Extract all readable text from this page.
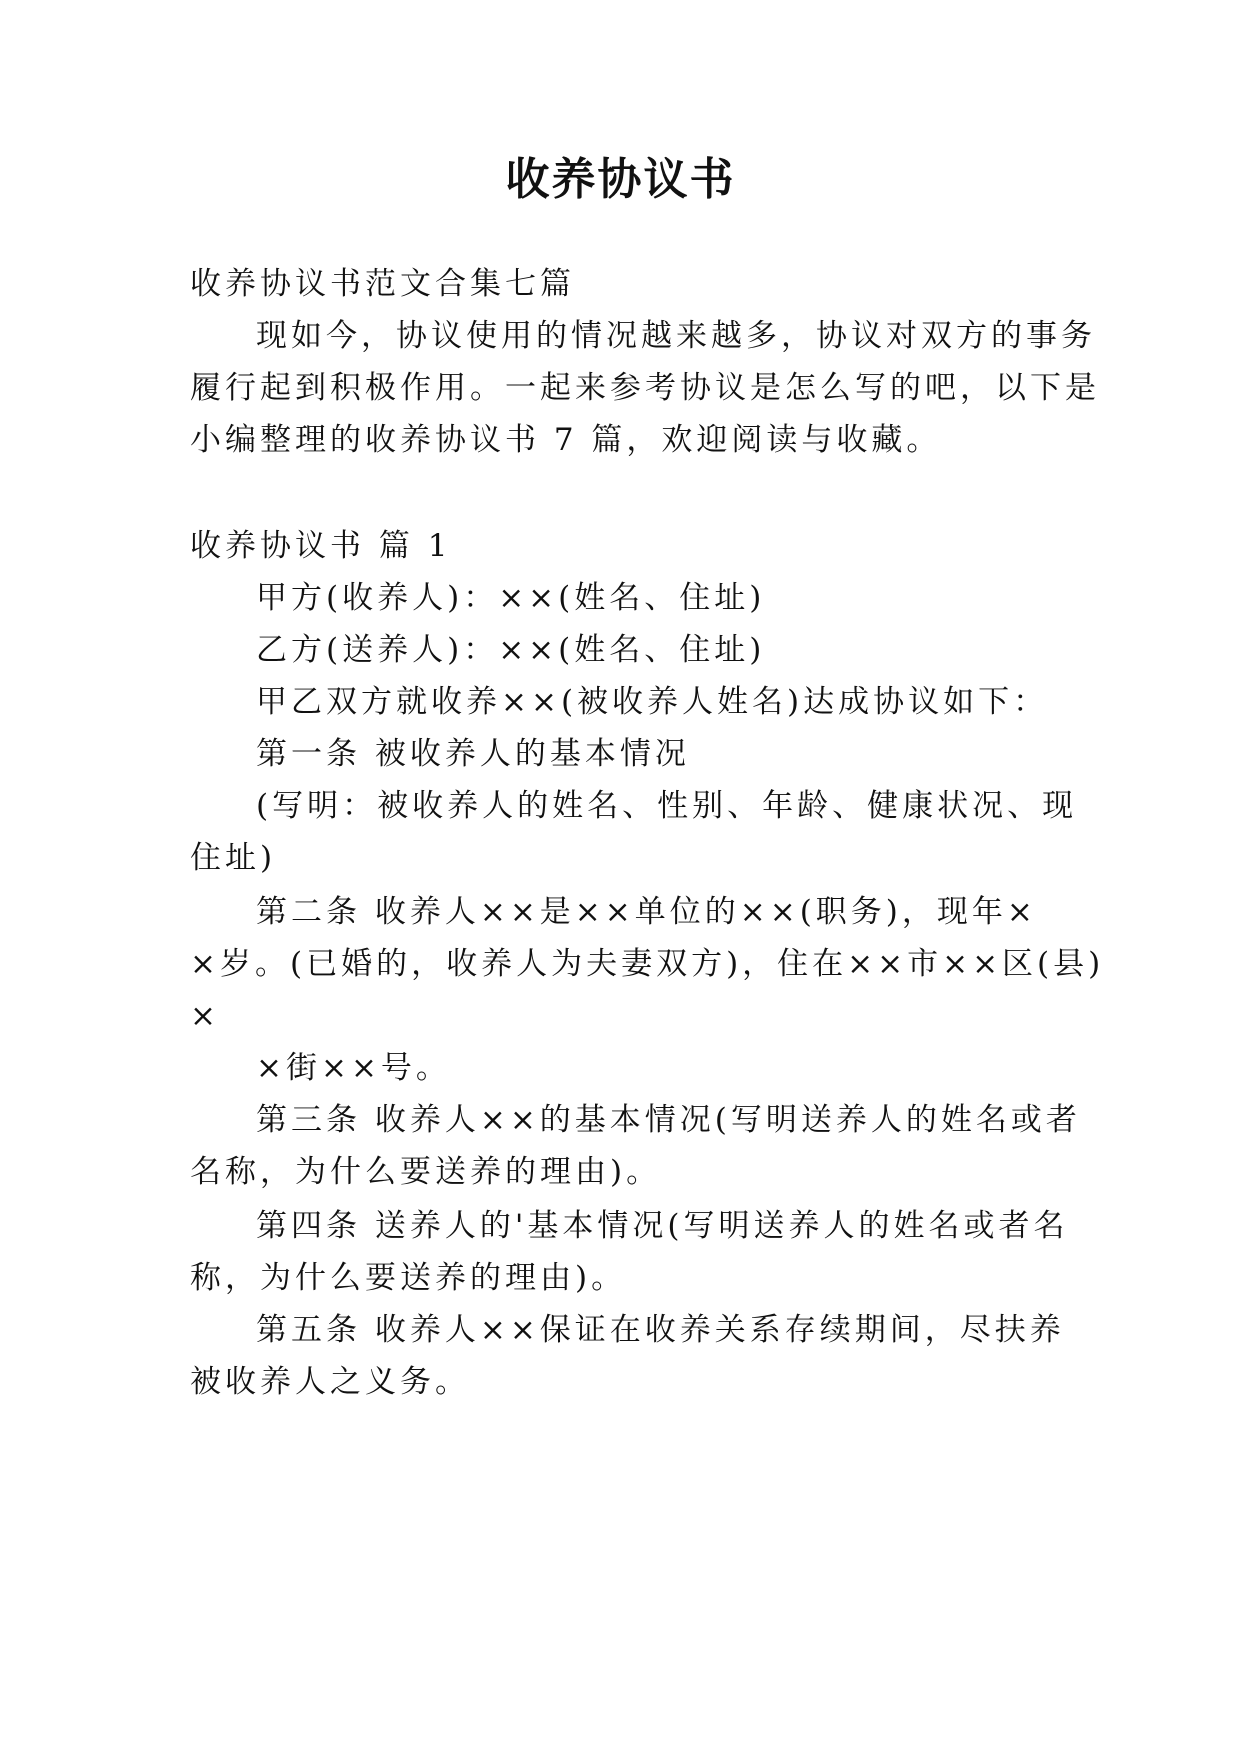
收养协议书

收养协议书范文合集七篇

现如今，协议使用的情况越来越多，协议对双方的事务

履行起到积极作用。一起来参考协议是怎么写的吧，以下是

小编整理的收养协议书 7 篇，欢迎阅读与收藏。

收养协议书 篇 1

甲方(收养人)：××(姓名、住址)

乙方(送养人)：××(姓名、住址)

甲乙双方就收养××(被收养人姓名)达成协议如下：

第一条 被收养人的基本情况

(写明：被收养人的姓名、性别、年龄、健康状况、现

住址)

第二条 收养人××是××单位的××(职务)，现年×

×岁。(已婚的，收养人为夫妻双方)，住在××市××区(县)

×

×街××号。

第三条 收养人××的基本情况(写明送养人的姓名或者

名称，为什么要送养的理由)。

第四条 送养人的'基本情况(写明送养人的姓名或者名

称，为什么要送养的理由)。

第五条 收养人××保证在收养关系存续期间，尽扶养

被收养人之义务。
